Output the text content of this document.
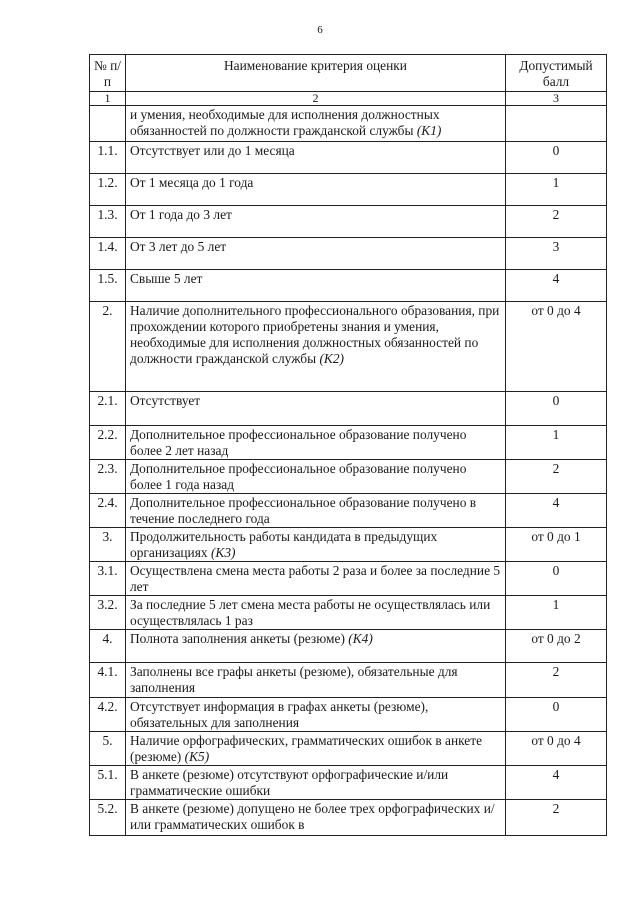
6
№ п/п	Наименование критерия оценки	Допустимый балл
1	2	3
	и умения, необходимые для исполнения должностных обязанностей по должности гражданской службы (K1)	
1.1.	Отсутствует или до 1 месяца	0
1.2.	От 1 месяца до 1 года	1
1.3.	От 1 года до 3 лет	2
1.4.	От 3 лет до 5 лет	3
1.5.	Свыше 5 лет	4
2.	Наличие дополнительного профессионального образования, при прохождении которого приобретены знания и умения, необходимые для исполнения должностных обязанностей по должности гражданской службы (K2)	от 0 до 4
2.1.	Отсутствует	0
2.2.	Дополнительное профессиональное образование получено более 2 лет назад	1
2.3.	Дополнительное профессиональное образование получено более 1 года назад	2
2.4.	Дополнительное профессиональное образование получено в течение последнего года	4
3.	Продолжительность работы кандидата в предыдущих организациях (K3)	от 0 до 1
3.1.	Осуществлена смена места работы 2 раза и более за последние 5 лет	0
3.2.	За последние 5 лет смена места работы не осуществлялась или осуществлялась 1 раз	1
4.	Полнота заполнения анкеты (резюме) (K4)	от 0 до 2
4.1.	Заполнены все графы анкеты (резюме), обязательные для заполнения	2
4.2.	Отсутствует информация в графах анкеты (резюме), обязательных для заполнения	0
5.	Наличие орфографических, грамматических ошибок в анкете (резюме) (K5)	от 0 до 4
5.1.	В анкете (резюме) отсутствуют орфографические и/или грамматические ошибки	4
5.2.	В анкете (резюме) допущено не более трех орфографических и/или грамматических ошибок в	2
